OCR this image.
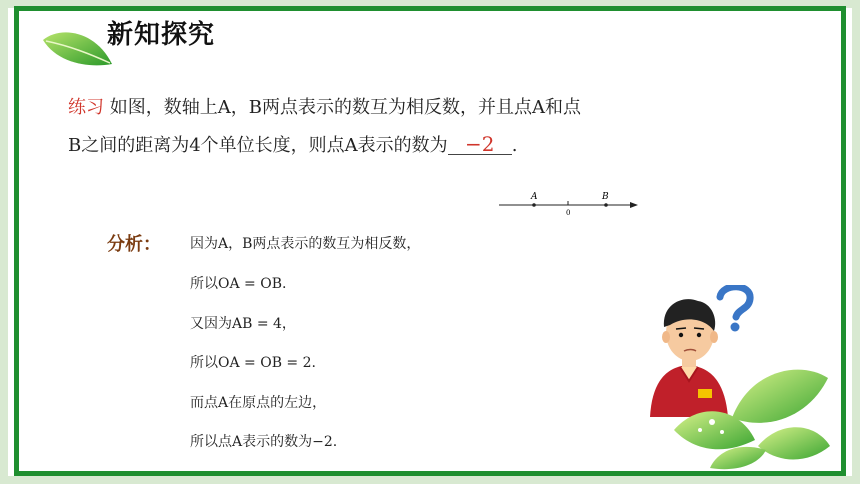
新知探究
练习 如图，数轴上A，B两点表示的数互为相反数，并且点A和点
B之间的距离为4个单位长度，则点A表示的数为 −2 .
A	B
0
分析： 因为A，B两点表示的数互为相反数，
所以OA = OB.
又因为AB = 4，
所以OA = OB = 2.
而点A在原点的左边，
所以点A表示的数为−2.
